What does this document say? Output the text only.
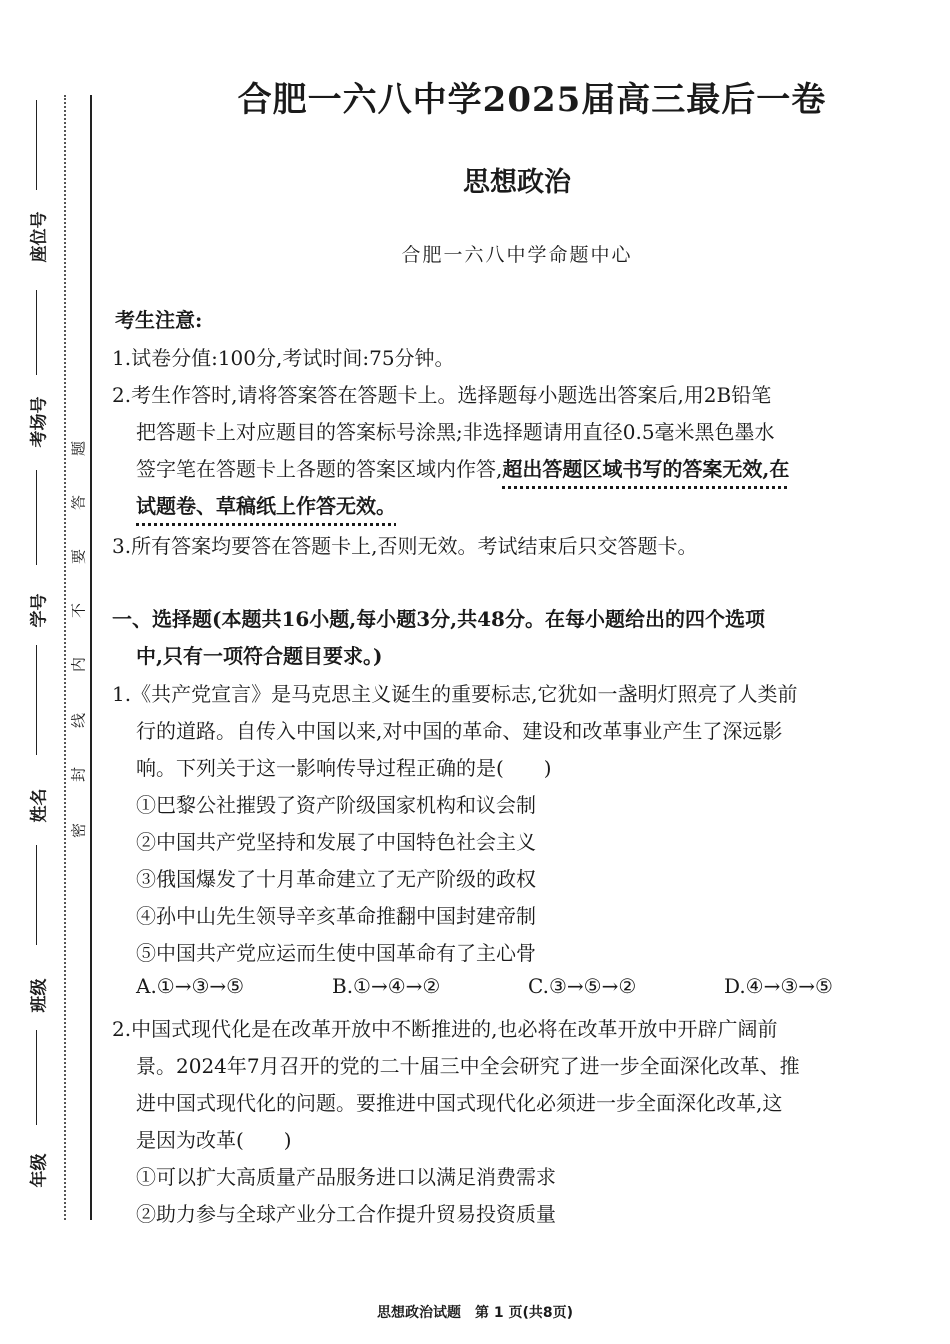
座位号
考场号
学号
姓名
班级
年级
题
答
要
不
内
线
封
密
合肥一六八中学2025届高三最后一卷
思想政治
合肥一六八中学命题中心
考生注意:
1.试卷分值:100分,考试时间:75分钟。
2.考生作答时,请将答案答在答题卡上。选择题每小题选出答案后,用2B铅笔
把答题卡上对应题目的答案标号涂黑;非选择题请用直径0.5毫米黑色墨水
签字笔在答题卡上各题的答案区域内作答,超出答题区域书写的答案无效,在
试题卷、草稿纸上作答无效。
3.所有答案均要答在答题卡上,否则无效。考试结束后只交答题卡。
一、选择题(本题共16小题,每小题3分,共48分。在每小题给出的四个选项
中,只有一项符合题目要求。)
1.《共产党宣言》是马克思主义诞生的重要标志,它犹如一盏明灯照亮了人类前
行的道路。自传入中国以来,对中国的革命、建设和改革事业产生了深远影
响。下列关于这一影响传导过程正确的是(　　)
①巴黎公社摧毁了资产阶级国家机构和议会制
②中国共产党坚持和发展了中国特色社会主义
③俄国爆发了十月革命建立了无产阶级的政权
④孙中山先生领导辛亥革命推翻中国封建帝制
⑤中国共产党应运而生使中国革命有了主心骨
A.①→③→⑤	B.①→④→②	C.③→⑤→②	D.④→③→⑤
2.中国式现代化是在改革开放中不断推进的,也必将在改革开放中开辟广阔前
景。2024年7月召开的党的二十届三中全会研究了进一步全面深化改革、推
进中国式现代化的问题。要推进中国式现代化必须进一步全面深化改革,这
是因为改革(　　)
①可以扩大高质量产品服务进口以满足消费需求
②助力参与全球产业分工合作提升贸易投资质量
思想政治试题　第 1 页(共8页)
